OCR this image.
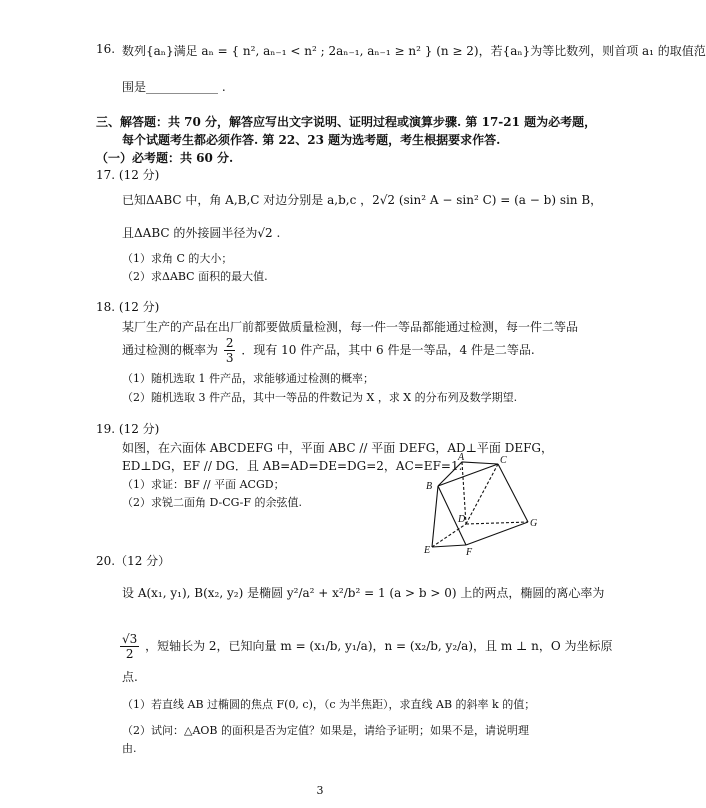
16. 数列{aₙ}满足 aₙ = { n², aₙ₋₁ < n² ; 2aₙ₋₁, aₙ₋₁ ≥ n² } (n ≥ 2)，若{aₙ}为等比数列，则首项 a₁ 的取值范
围是____________ .
三、解答题：共 70 分，解答应写出文字说明、证明过程或演算步骤. 第 17-21 题为必考题，
每个试题考生都必须作答. 第 22、23 题为选考题，考生根据要求作答.
（一）必考题：共 60 分.
17. (12 分)
已知ΔABC 中，角 A,B,C 对边分别是 a,b,c ，2√2 (sin² A − sin² C) = (a − b) sin B，
且ΔABC 的外接圆半径为√2 .
（1）求角 C 的大小；
（2）求ΔABC 面积的最大值.
18. (12 分)
某厂生产的产品在出厂前都要做质量检测，每一件一等品都能通过检测，每一件二等品
通过检测的概率为 $\frac{2}{3}$ ．现有 10 件产品，其中 6 件是一等品，4 件是二等品.
（1）随机选取 1 件产品，求能够通过检测的概率；
（2）随机选取 3 件产品，其中一等品的件数记为 X ，求 X 的分布列及数学期望.
19. (12 分)
如图，在六面体 ABCDEFG 中，平面 ABC // 平面 DEFG，AD⊥平面 DEFG，
ED⊥DG，EF // DG．且 AB=AD=DE=DG=2，AC=EF=1.
（1）求证：BF // 平面 ACGD；
（2）求锐二面角 D-CG-F 的余弦值.
A	C
B
D	G
E	F
20.（12 分）
设 A(x₁, y₁), B(x₂, y₂) 是椭圆 y²/a² + x²/b² = 1 (a > b > 0) 上的两点，椭圆的离心率为
$\frac{√3}{2}$ ，短轴长为 2，已知向量 m = (x₁/b, y₁/a)，n = (x₂/b, y₂/a)，且 m ⊥ n，O 为坐标原
点.
（1）若直线 AB 过椭圆的焦点 F(0, c)，（c 为半焦距），求直线 AB 的斜率 k 的值；
（2）试问：△AOB 的面积是否为定值？如果是，请给予证明；如果不是，请说明理
由.
3
